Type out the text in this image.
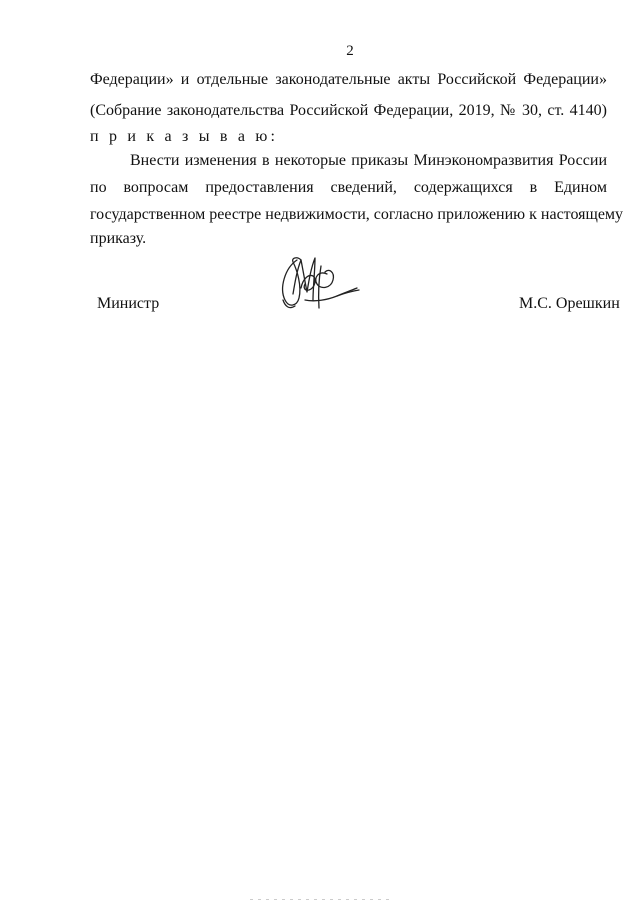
2
Федерации» и отдельные законодательные акты Российской Федерации»
(Собрание законодательства Российской Федерации, 2019, № 30, ст. 4140)
п р и к а з ы в а ю:
Внести изменения в некоторые приказы Минэкономразвития России
по вопросам предоставления сведений, содержащихся в Едином
государственном реестре недвижимости, согласно приложению к настоящему
приказу.
Министр	М.С. Орешкин
